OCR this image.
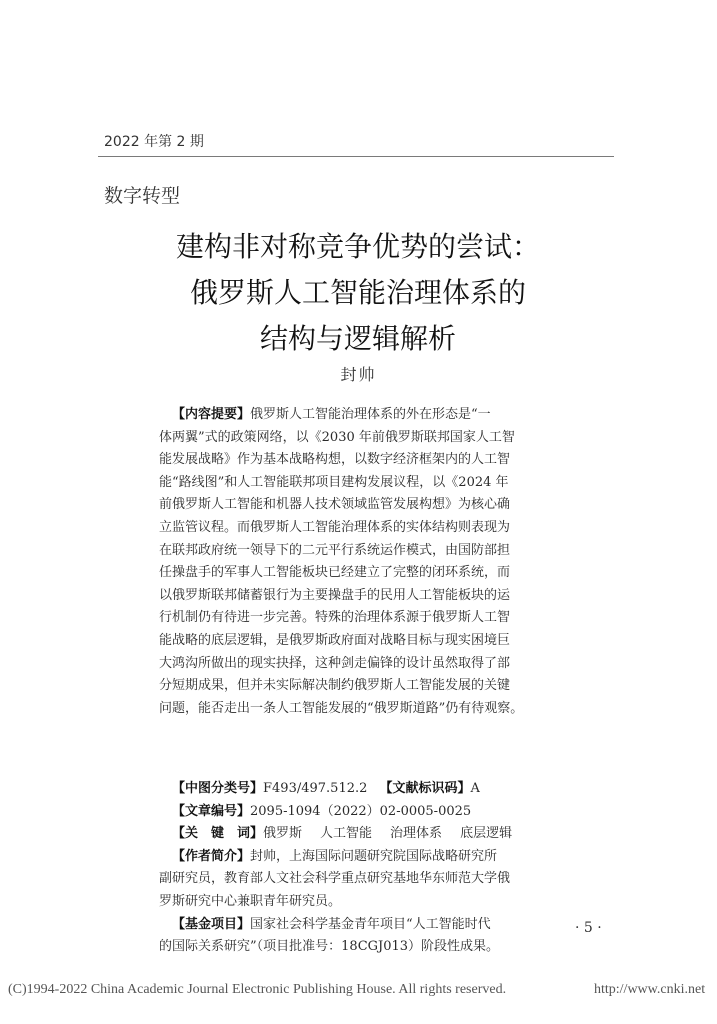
2022 年第 2 期
数字转型
建构非对称竞争优势的尝试：
俄罗斯人工智能治理体系的
结构与逻辑解析
封帅
【内容提要】俄罗斯人工智能治理体系的外在形态是“一
体两翼”式的政策网络，以《2030 年前俄罗斯联邦国家人工智
能发展战略》作为基本战略构想，以数字经济框架内的人工智
能“路线图”和人工智能联邦项目建构发展议程，以《2024 年
前俄罗斯人工智能和机器人技术领域监管发展构想》为核心确
立监管议程。而俄罗斯人工智能治理体系的实体结构则表现为
在联邦政府统一领导下的二元平行系统运作模式，由国防部担
任操盘手的军事人工智能板块已经建立了完整的闭环系统，而
以俄罗斯联邦储蓄银行为主要操盘手的民用人工智能板块的运
行机制仍有待进一步完善。特殊的治理体系源于俄罗斯人工智
能战略的底层逻辑，是俄罗斯政府面对战略目标与现实困境巨
大鸿沟所做出的现实抉择，这种剑走偏锋的设计虽然取得了部
分短期成果，但并未实际解决制约俄罗斯人工智能发展的关键
问题，能否走出一条人工智能发展的“俄罗斯道路”仍有待观察。
【中图分类号】F493/497.512.2 【文献标识码】A
【文章编号】2095-1094（2022）02-0005-0025
【关　键　词】俄罗斯 人工智能 治理体系 底层逻辑
【作者简介】封帅，上海国际问题研究院国际战略研究所
副研究员，教育部人文社会科学重点研究基地华东师范大学俄
罗斯研究中心兼职青年研究员。
【基金项目】国家社会科学基金青年项目“人工智能时代
的国际关系研究”（项目批准号：18CGJ013）阶段性成果。
· 5 ·
(C)1994-2022 China Academic Journal Electronic Publishing House. All rights reserved.	http://www.cnki.net
